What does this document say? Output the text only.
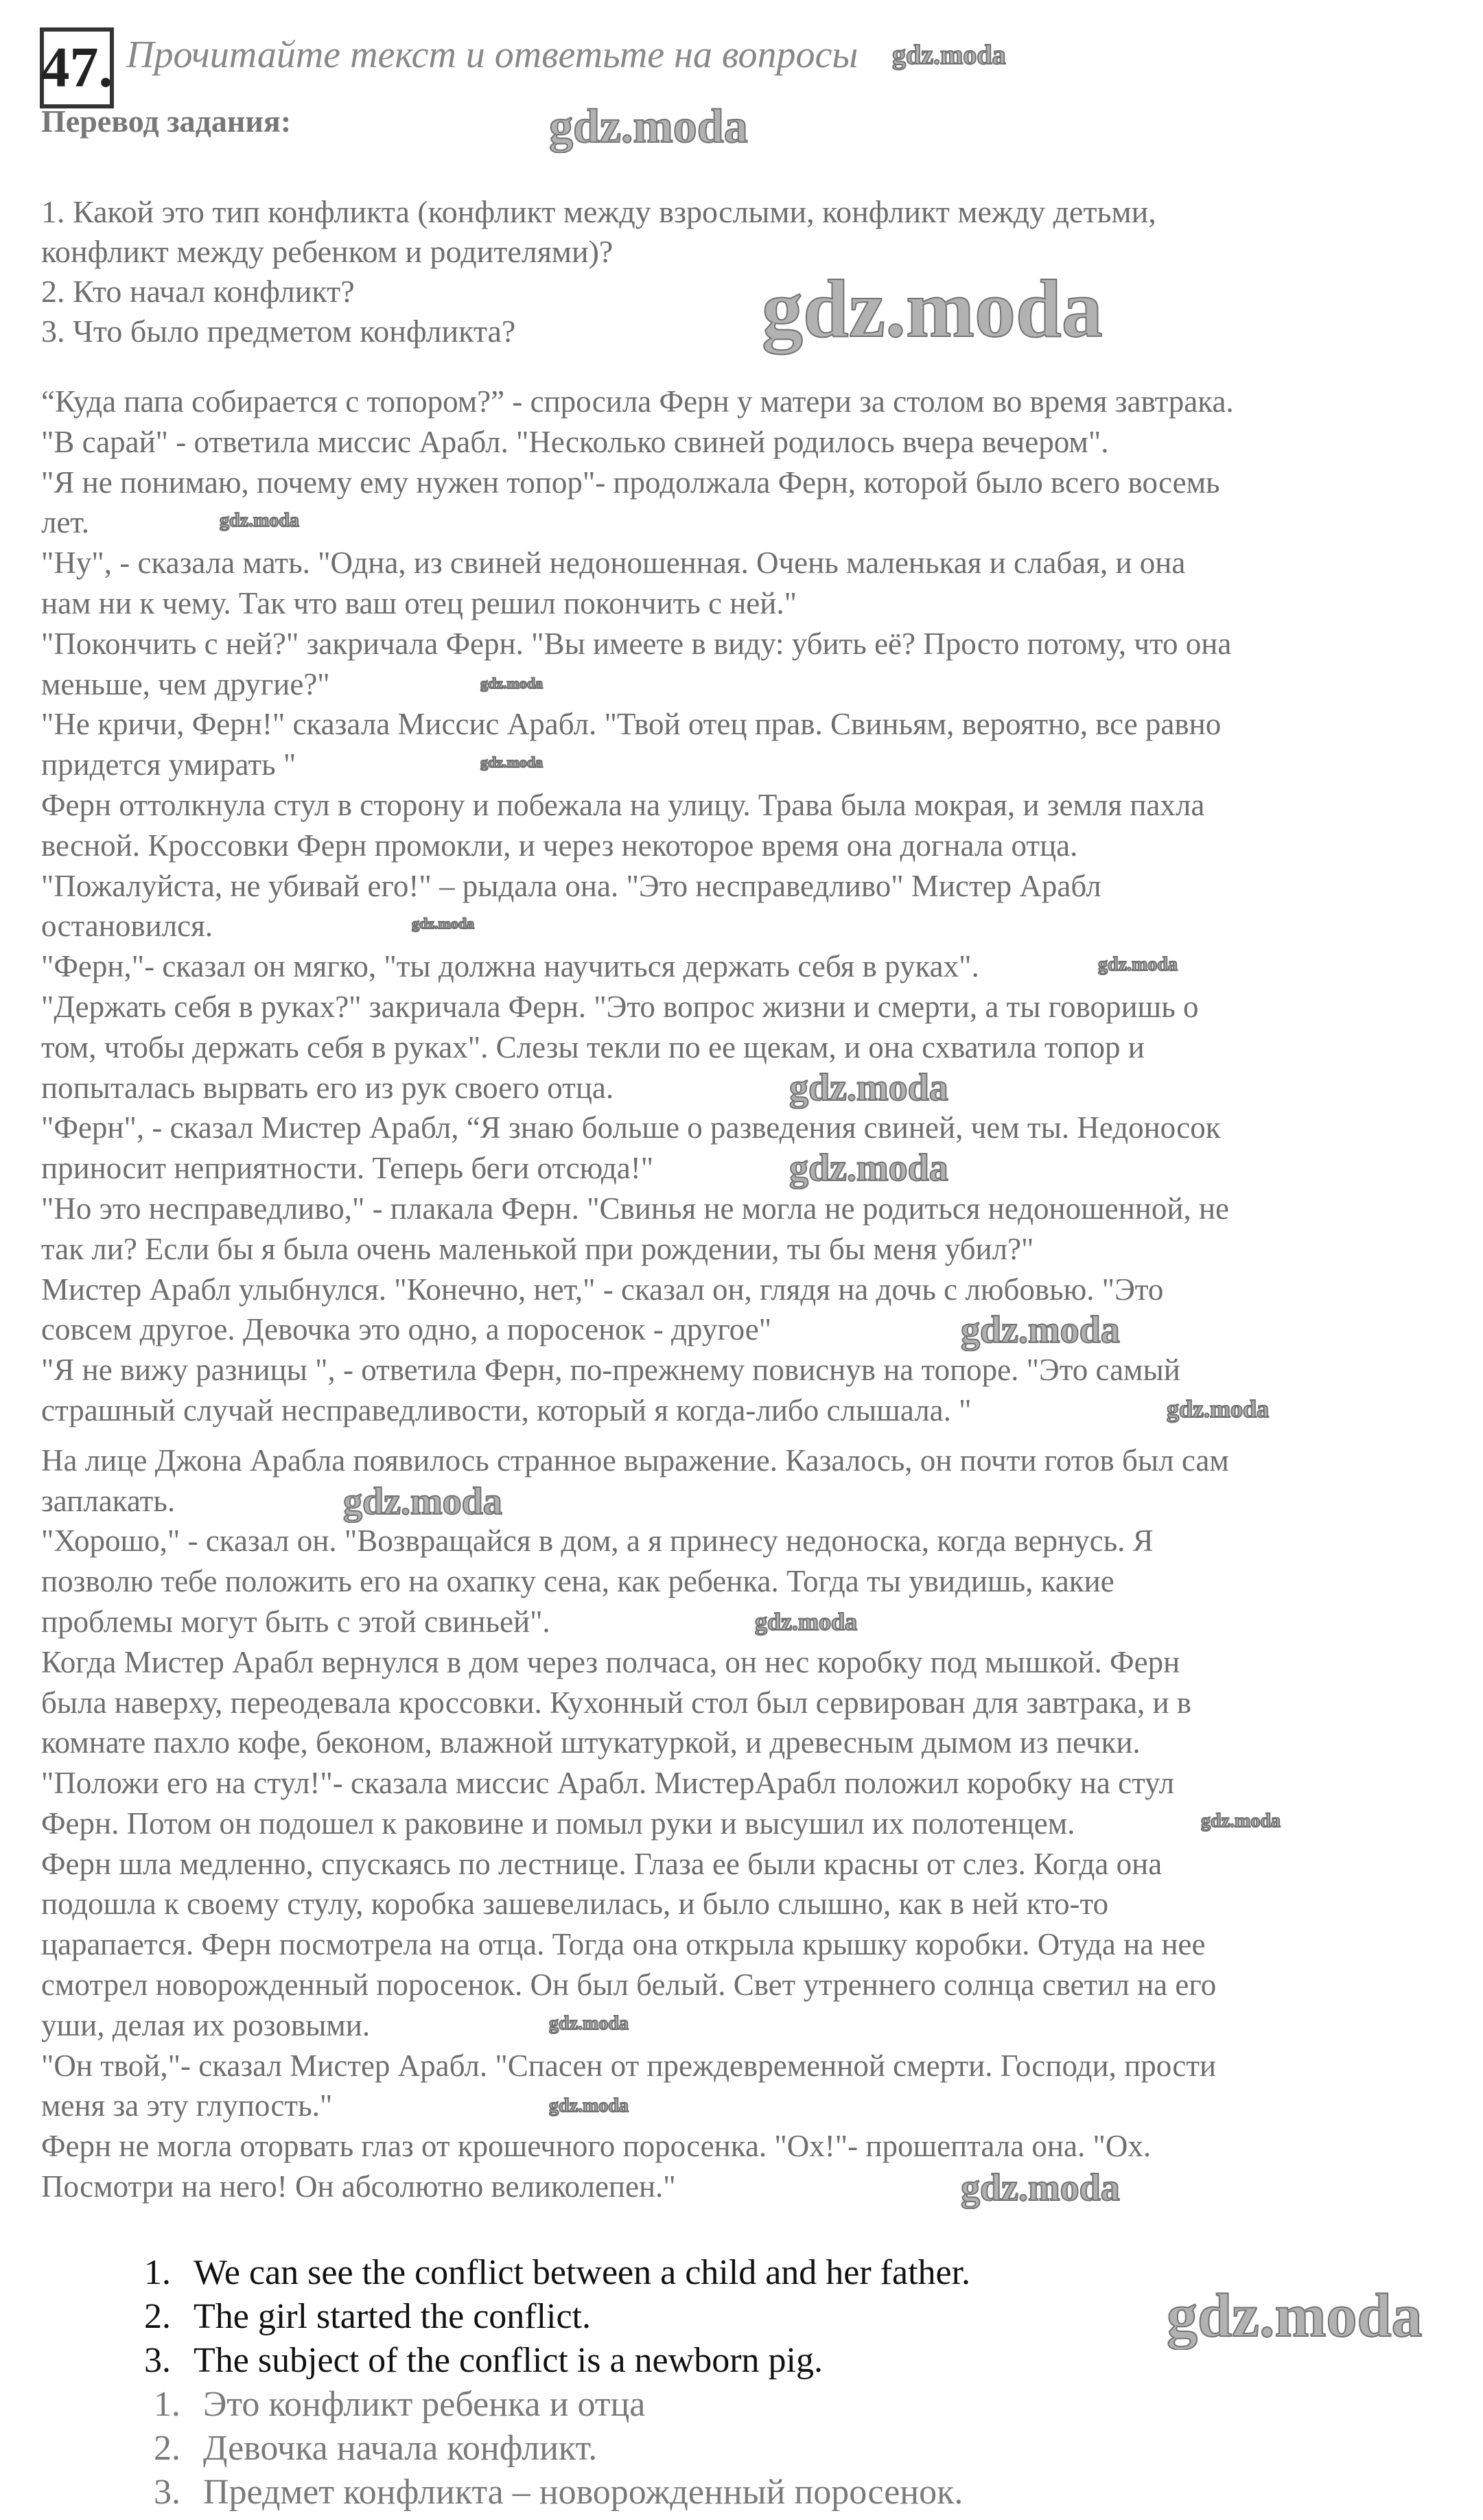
47. Прочитайте текст и ответьте на вопросы
Перевод задания:
1. Какой это тип конфликта (конфликт между взрослыми, конфликт между детьми,
конфликт между ребенком и родителями)?
2. Кто начал конфликт?
3. Что было предметом конфликта?
“Куда папа собирается с топором?” - спросила Ферн у матери за столом во время завтрака.
"В сарай" - ответила миссис Арабл. "Несколько свиней родилось вчера вечером".
"Я не понимаю, почему ему нужен топор"- продолжала Ферн, которой было всего восемь
лет.
"Ну", - сказала мать. "Одна, из свиней недоношенная. Очень маленькая и слабая, и она
нам ни к чему. Так что ваш отец решил покончить с ней."
"Покончить с ней?" закричала Ферн. "Вы имеете в виду: убить её? Просто потому, что она
меньше, чем другие?"
"Не кричи, Ферн!" сказала Миссис Арабл. "Твой отец прав. Свиньям, вероятно, все равно
придется умирать "
Ферн оттолкнула стул в сторону и побежала на улицу. Трава была мокрая, и земля пахла
весной. Кроссовки Ферн промокли, и через некоторое время она догнала отца.
"Пожалуйста, не убивай его!" – рыдала она. "Это несправедливо" Мистер Арабл
остановился.
"Ферн,"- сказал он мягко, "ты должна научиться держать себя в руках".
"Держать себя в руках?" закричала Ферн. "Это вопрос жизни и смерти, а ты говоришь о
том, чтобы держать себя в руках". Слезы текли по ее щекам, и она схватила топор и
попыталась вырвать его из рук своего отца.
"Ферн", - сказал Мистер Арабл, “Я знаю больше о разведения свиней, чем ты. Недоносок
приносит неприятности. Теперь беги отсюда!"
"Но это несправедливо," - плакала Ферн. "Свинья не могла не родиться недоношенной, не
так ли? Если бы я была очень маленькой при рождении, ты бы меня убил?"
Мистер Арабл улыбнулся. "Конечно, нет," - сказал он, глядя на дочь с любовью. "Это
совсем другое. Девочка это одно, а поросенок - другое"
"Я не вижу разницы ", - ответила Ферн, по-прежнему повиснув на топоре. "Это самый
страшный случай несправедливости, который я когда-либо слышала. "
На лице Джона Арабла появилось странное выражение. Казалось, он почти готов был сам
заплакать.
"Хорошо," - сказал он. "Возвращайся в дом, а я принесу недоноска, когда вернусь. Я
позволю тебе положить его на охапку сена, как ребенка. Тогда ты увидишь, какие
проблемы могут быть с этой свиньей".
Когда Мистер Арабл вернулся в дом через полчаса, он нес коробку под мышкой. Ферн
была наверху, переодевала кроссовки. Кухонный стол был сервирован для завтрака, и в
комнате пахло кофе, беконом, влажной штукатуркой, и древесным дымом из печки.
"Положи его на стул!"- сказала миссис Арабл. МистерАрабл положил коробку на стул
Ферн. Потом он подошел к раковине и помыл руки и высушил их полотенцем.
Ферн шла медленно, спускаясь по лестнице. Глаза ее были красны от слез. Когда она
подошла к своему стулу, коробка зашевелилась, и было слышно, как в ней кто-то
царапается. Ферн посмотрела на отца. Тогда она открыла крышку коробки. Отуда на нее
смотрел новорожденный поросенок. Он был белый. Свет утреннего солнца светил на его
уши, делая их розовыми.
"Он твой,"- сказал Мистер Арабл. "Спасен от преждевременной смерти. Господи, прости
меня за эту глупость."
Ферн не могла оторвать глаз от крошечного поросенка. "Ох!"- прошептала она. "Ох.
Посмотри на него! Он абсолютно великолепен."
1. We can see the conflict between a child and her father.
2. The girl started the conflict.
3. The subject of the conflict is a newborn pig.
1. Это конфликт ребенка и отца
2. Девочка начала конфликт.
3. Предмет конфликта – новорожденный поросенок.
gdz.moda
gdz.moda
gdz.moda
gdz.moda
gdz.moda
gdz.moda
gdz.moda
gdz.moda
gdz.moda
gdz.moda
gdz.moda
gdz.moda
gdz.moda
gdz.moda
gdz.moda
gdz.moda
gdz.moda
gdz.moda
gdz.moda
